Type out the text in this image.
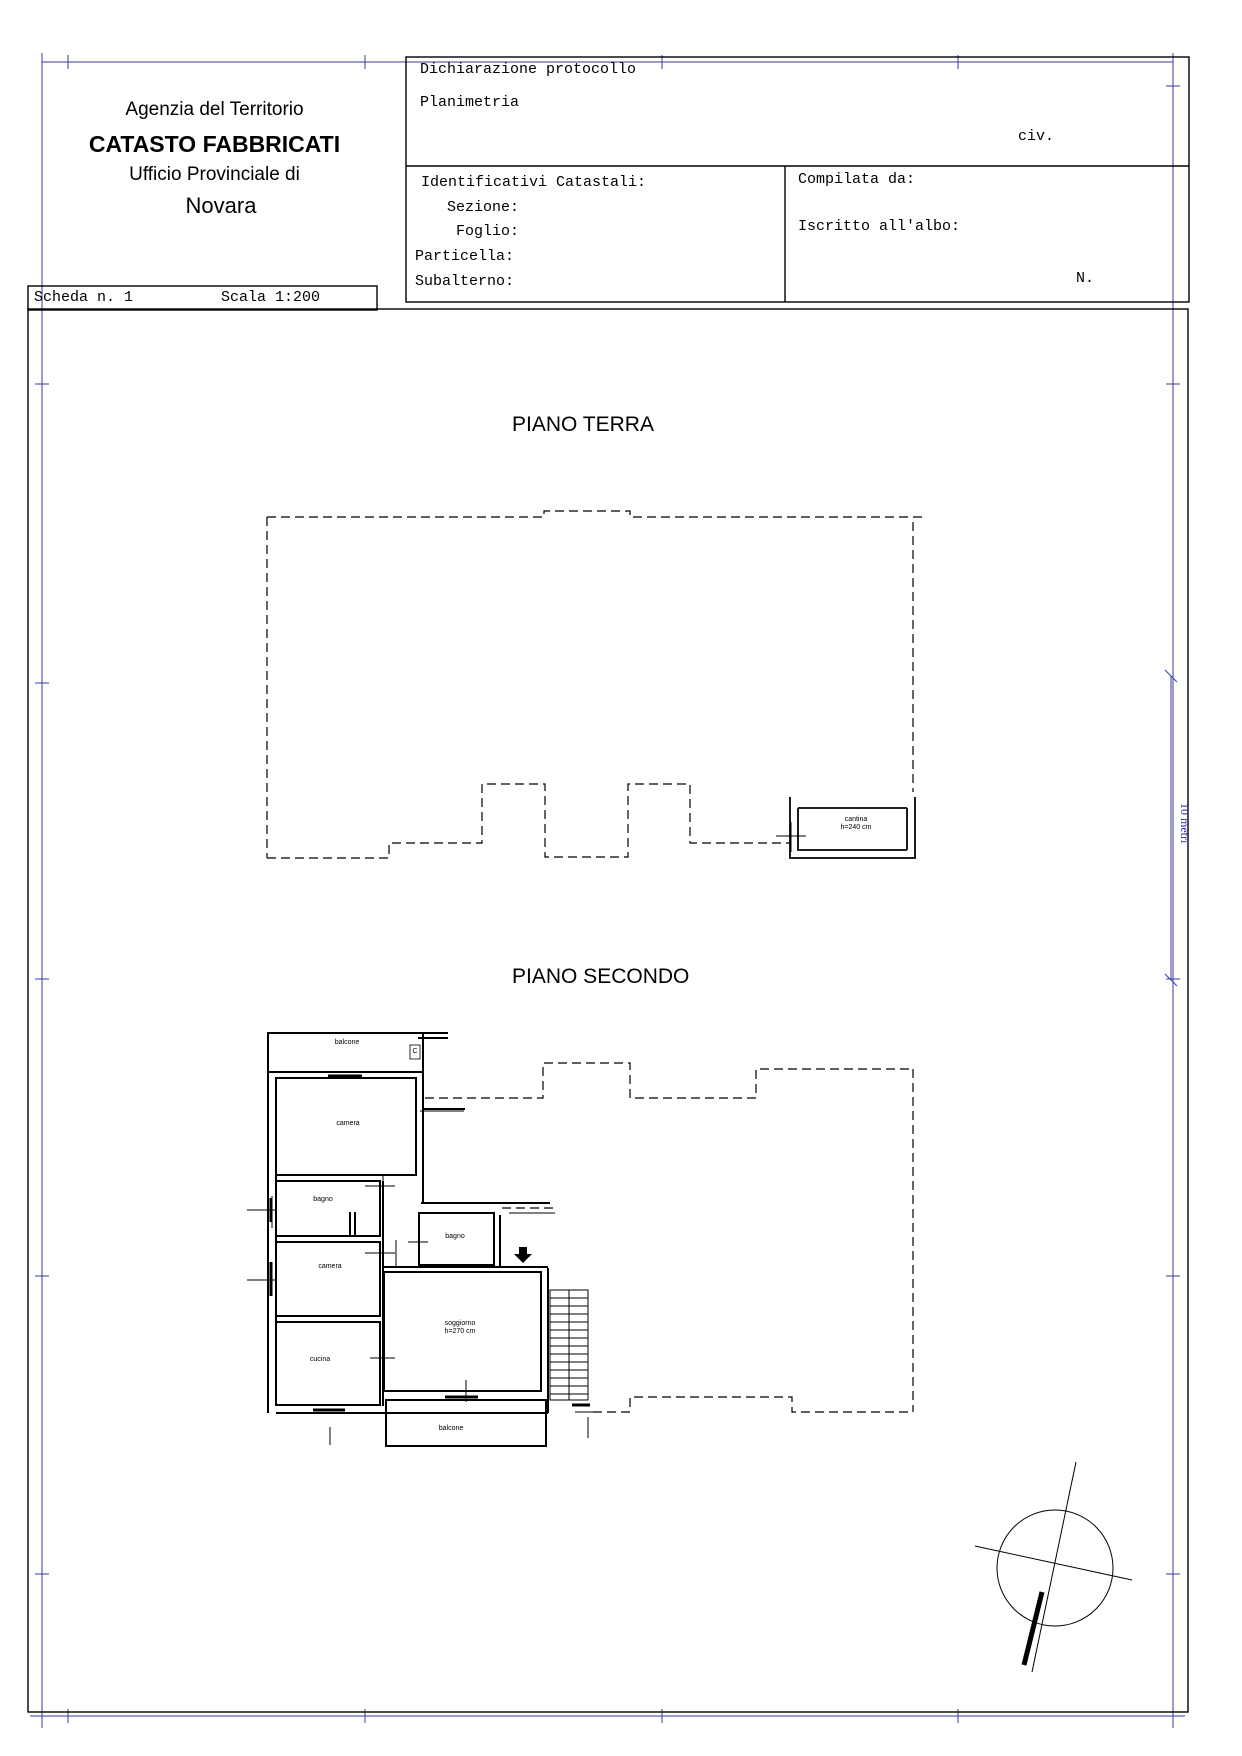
Agenzia del Territorio
CATASTO FABBRICATI
Ufficio Provinciale di
Novara
Dichiarazione protocollo
Planimetria
civ.
Identificativi Catastali:
Sezione:
Foglio:
Particella:
Subalterno:
Compilata da:
Iscritto all'albo:
N.
Scheda n. 1	Scala 1:200
PIANO TERRA
PIANO SECONDO
cantina
h=240 cm
balcone
C
camera
bagno
bagno
camera
soggiorno
h=270 cm
cucina
balcone
10 metri
